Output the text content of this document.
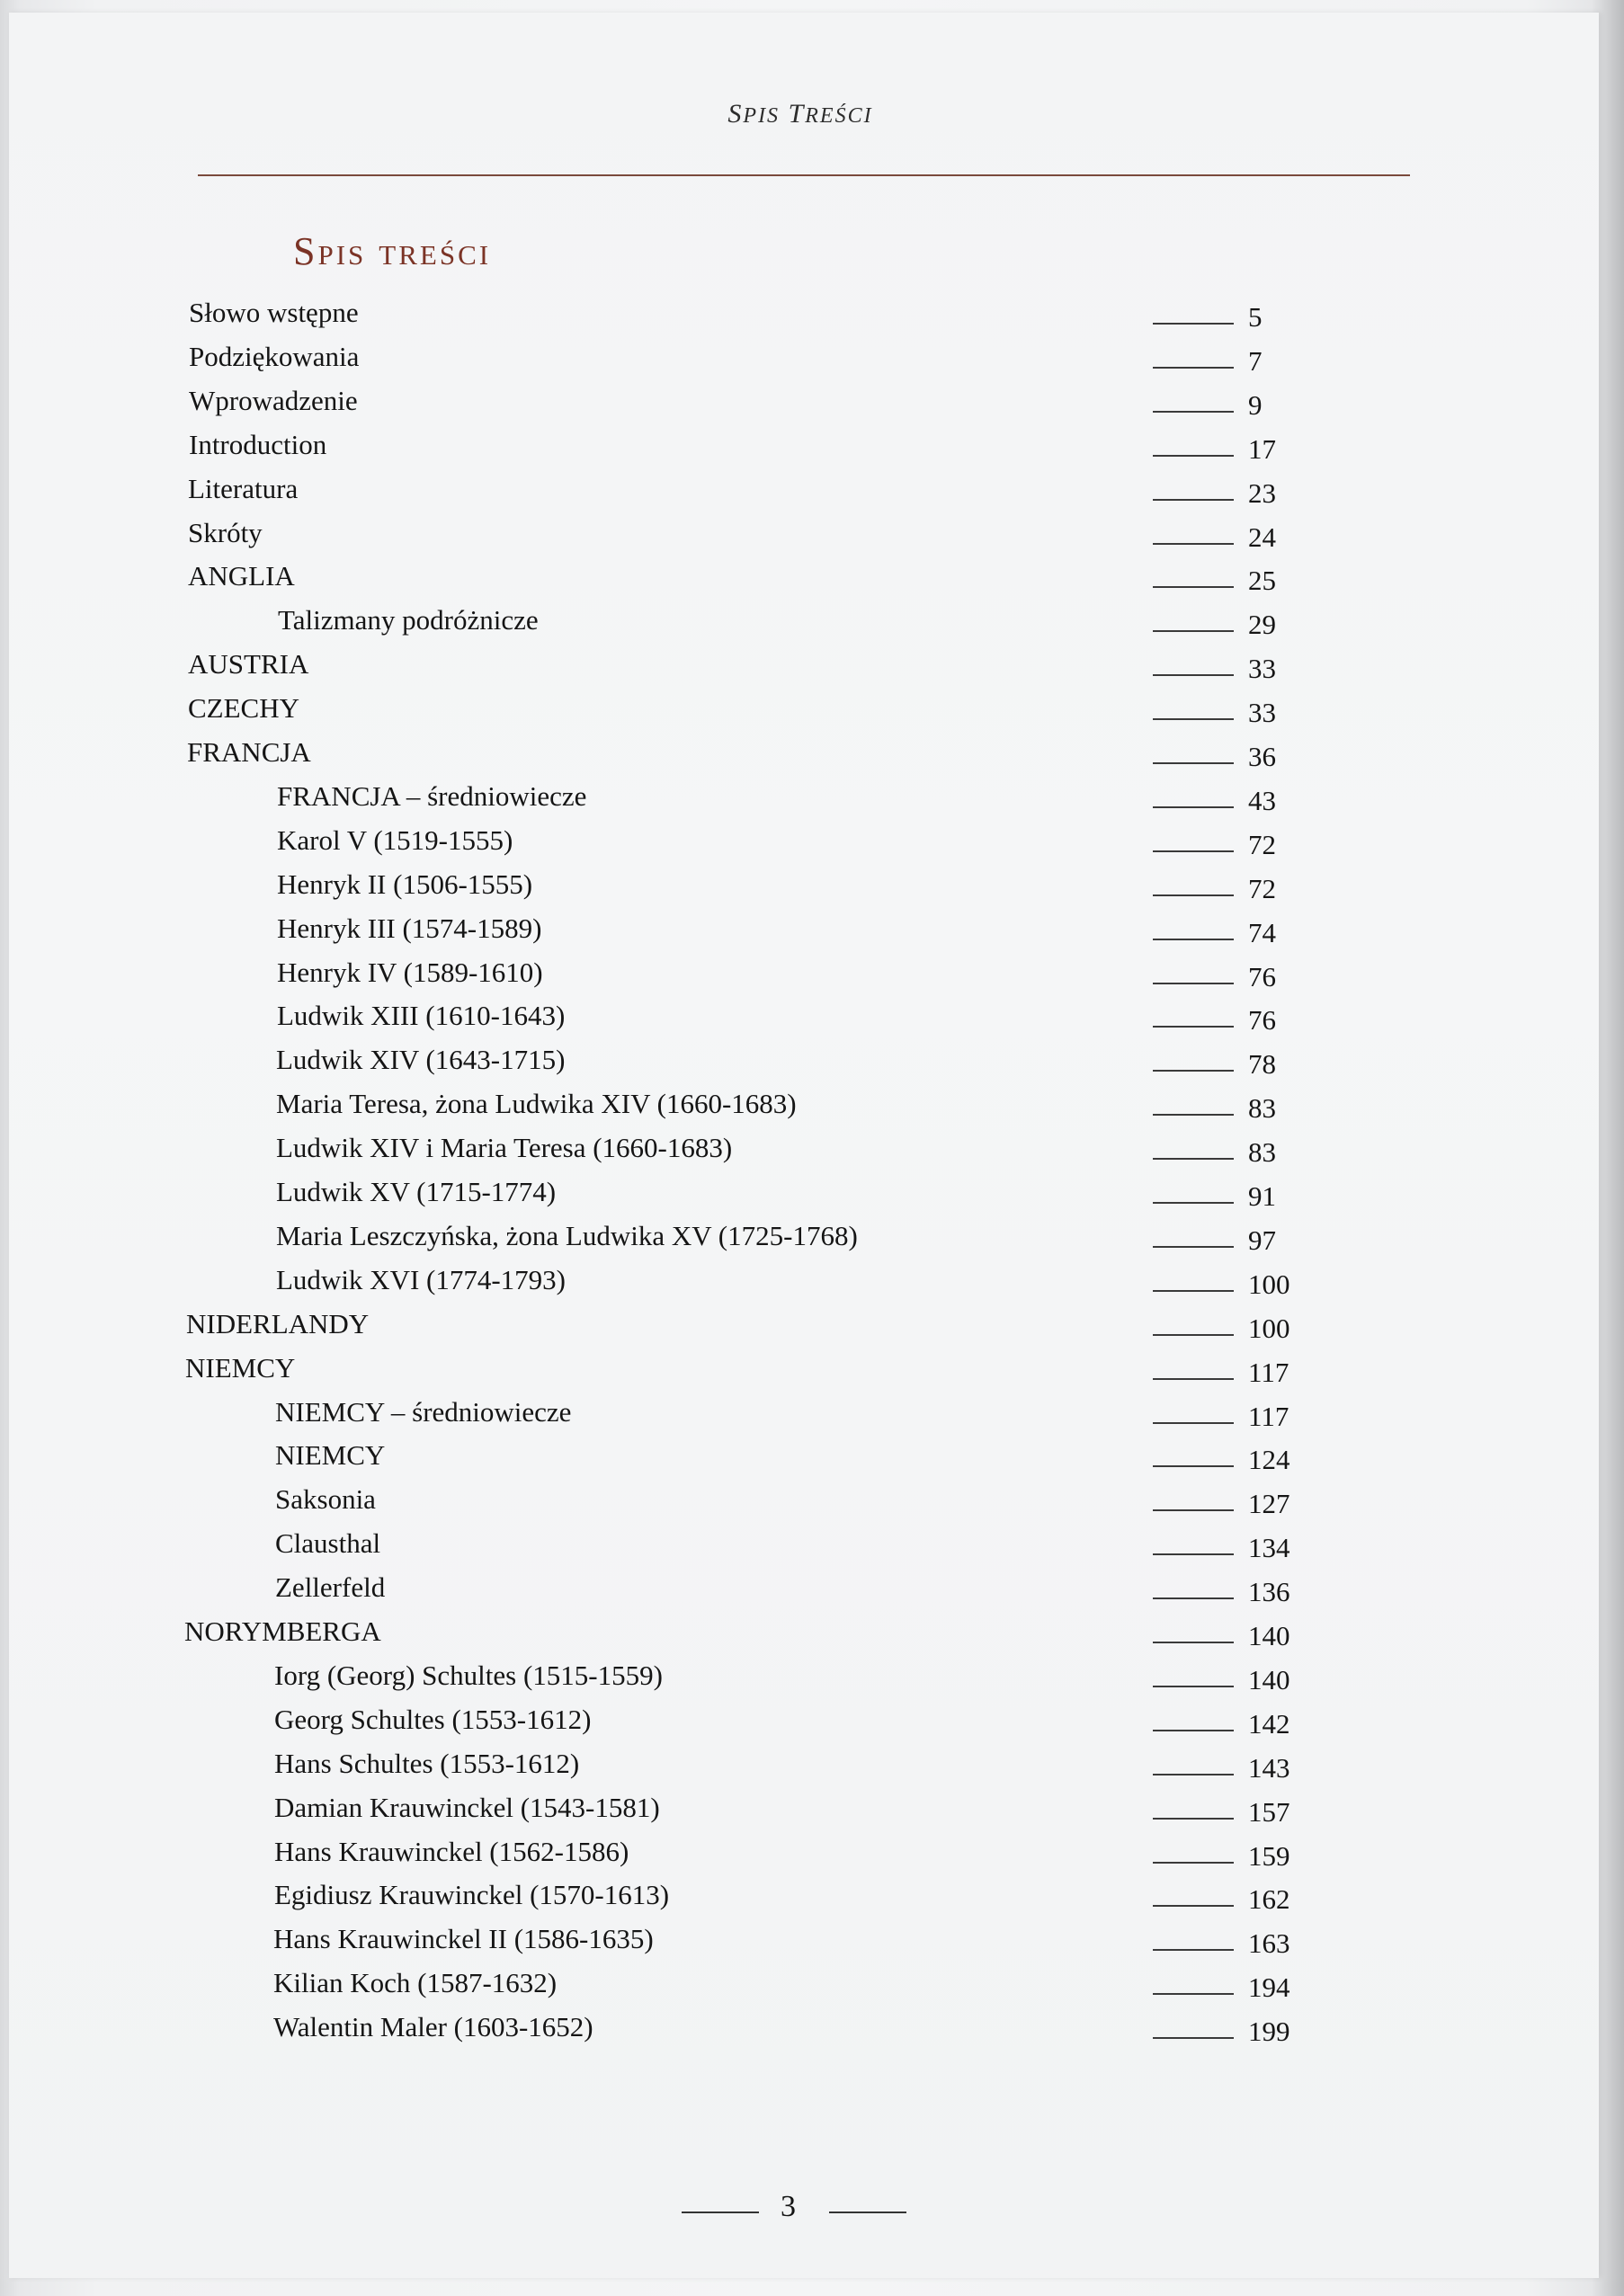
SPIS TREŚCI
Spis treści
Słowo wstępne	5
Podziękowania	7
Wprowadzenie	9
Introduction	17
Literatura	23
Skróty	24
ANGLIA	25
Talizmany podróżnicze	29
AUSTRIA	33
CZECHY	33
FRANCJA	36
FRANCJA – średniowiecze	43
Karol V (1519-1555)	72
Henryk II (1506-1555)	72
Henryk III (1574-1589)	74
Henryk IV (1589-1610)	76
Ludwik XIII (1610-1643)	76
Ludwik XIV (1643-1715)	78
Maria Teresa, żona Ludwika XIV (1660-1683)	83
Ludwik XIV i Maria Teresa (1660-1683)	83
Ludwik XV (1715-1774)	91
Maria Leszczyńska, żona Ludwika XV (1725-1768)	97
Ludwik XVI (1774-1793)	100
NIDERLANDY	100
NIEMCY	117
NIEMCY – średniowiecze	117
NIEMCY	124
Saksonia	127
Clausthal	134
Zellerfeld	136
NORYMBERGA	140
Iorg (Georg) Schultes (1515-1559)	140
Georg Schultes (1553-1612)	142
Hans Schultes (1553-1612)	143
Damian Krauwinckel (1543-1581)	157
Hans Krauwinckel (1562-1586)	159
Egidiusz Krauwinckel (1570-1613)	162
Hans Krauwinckel II (1586-1635)	163
Kilian Koch (1587-1632)	194
Walentin Maler (1603-1652)	199
3
